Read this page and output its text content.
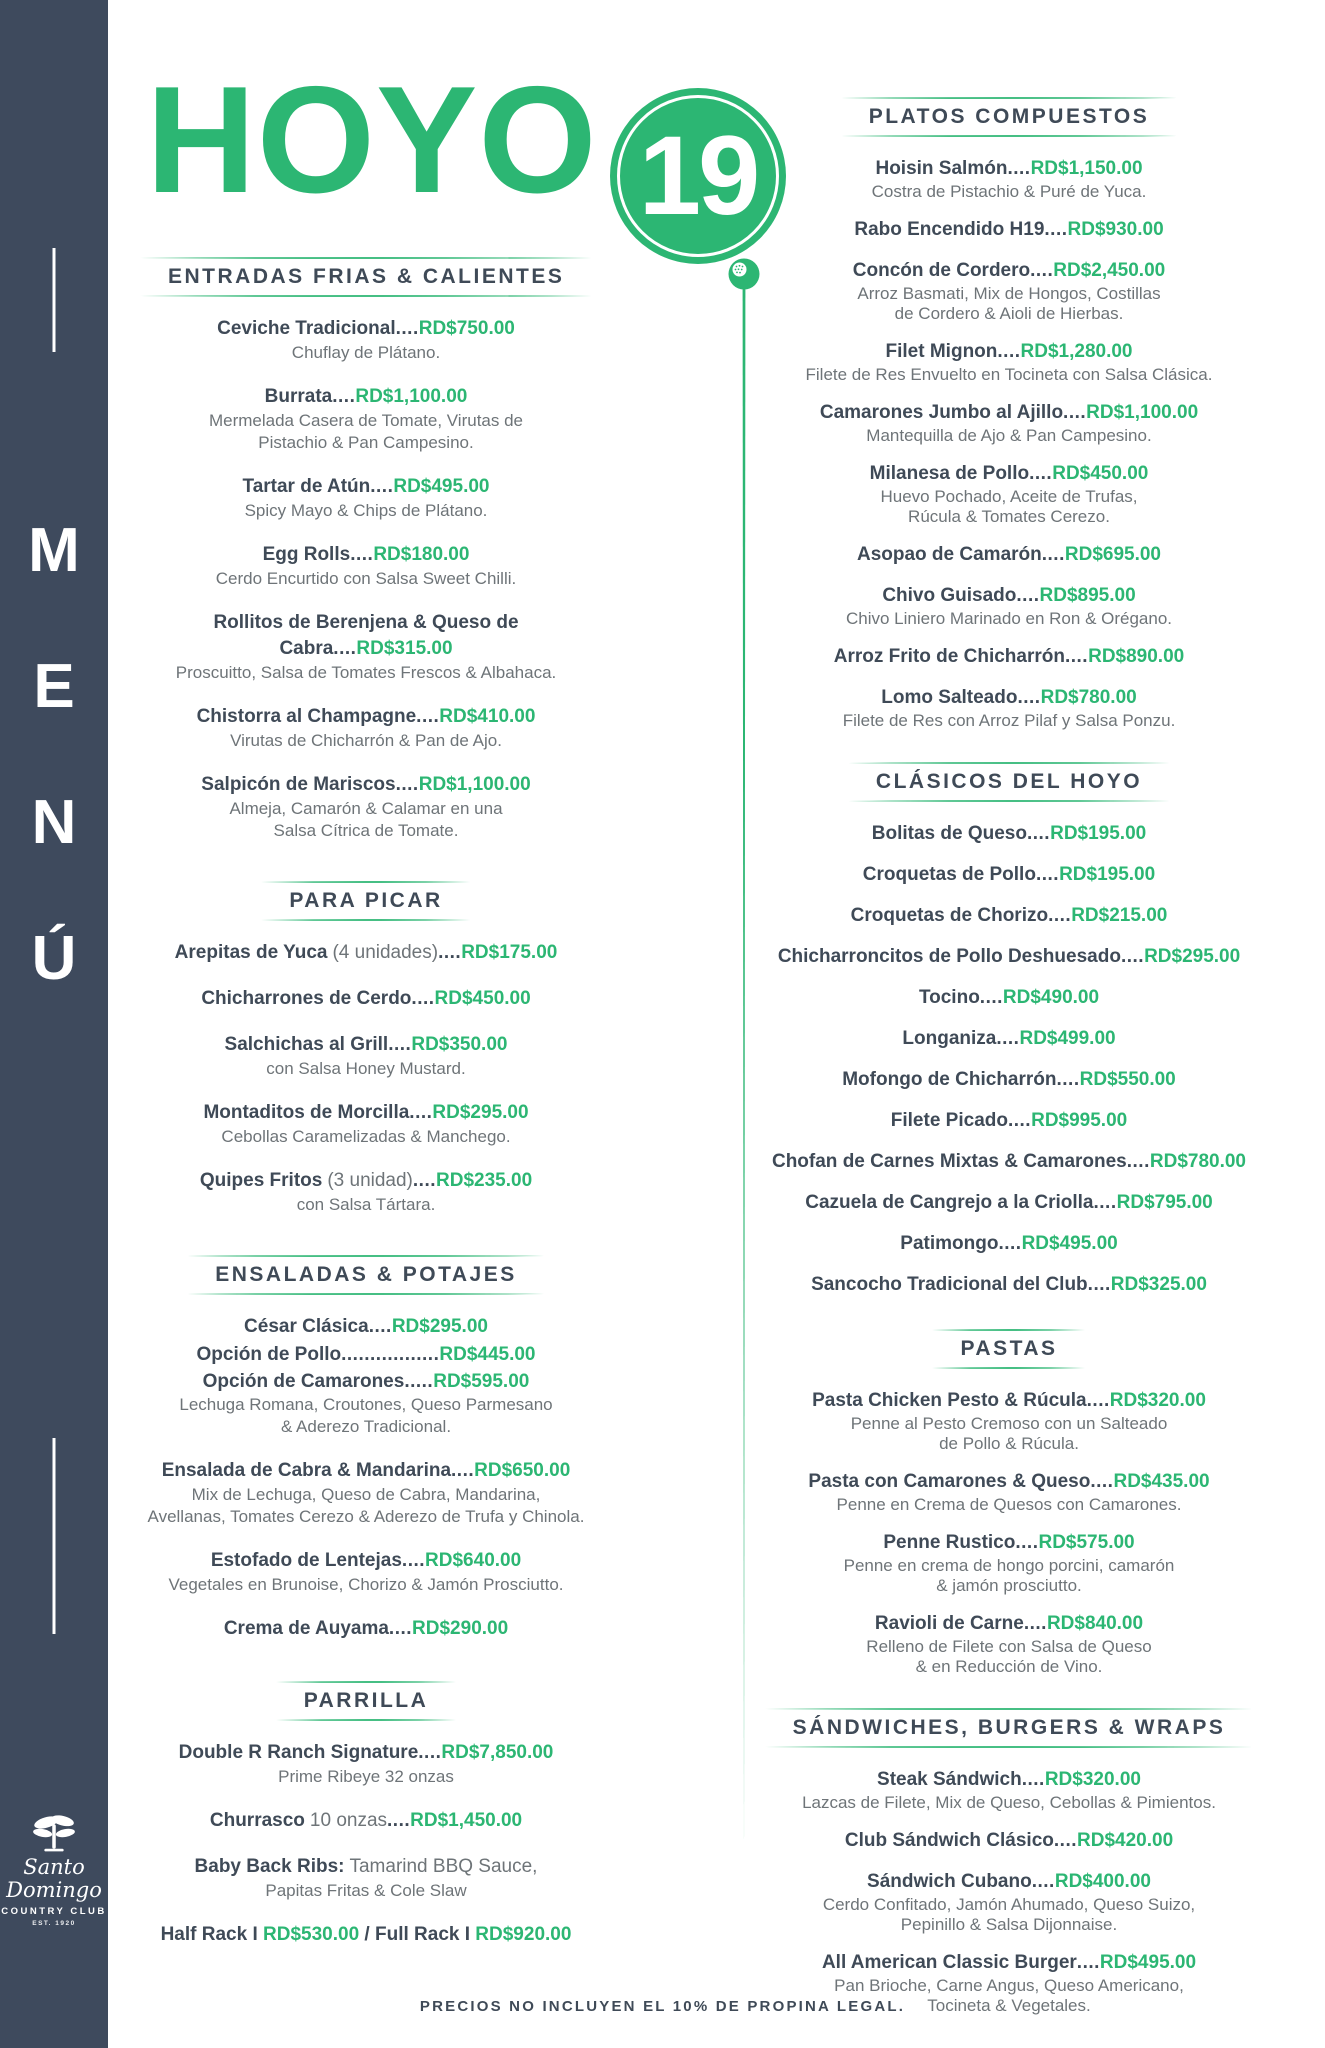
M
E
N
Ú
Santo Domingo
COUNTRY CLUB
EST. 1920
HOYO 19
ENTRADAS FRIAS & CALIENTES
Ceviche Tradicional....RD$750.00
Chuflay de Plátano.
Burrata....RD$1,100.00
Mermelada Casera de Tomate, Virutas de
Pistachio & Pan Campesino.
Tartar de Atún....RD$495.00
Spicy Mayo & Chips de Plátano.
Egg Rolls....RD$180.00
Cerdo Encurtido con Salsa Sweet Chilli.
Rollitos de Berenjena & Queso de Cabra....RD$315.00
Proscuitto, Salsa de Tomates Frescos & Albahaca.
Chistorra al Champagne....RD$410.00
Virutas de Chicharrón & Pan de Ajo.
Salpicón de Mariscos....RD$1,100.00
Almeja, Camarón & Calamar en una
Salsa Cítrica de Tomate.
PARA PICAR
Arepitas de Yuca (4 unidades)....RD$175.00
Chicharrones de Cerdo....RD$450.00
Salchichas al Grill....RD$350.00
con Salsa Honey Mustard.
Montaditos de Morcilla....RD$295.00
Cebollas Caramelizadas & Manchego.
Quipes Fritos (3 unidad)....RD$235.00
con Salsa Tártara.
ENSALADAS & POTAJES
César Clásica....RD$295.00
Opción de Pollo.................RD$445.00
Opción de Camarones.....RD$595.00
Lechuga Romana, Croutones, Queso Parmesano
& Aderezo Tradicional.
Ensalada de Cabra & Mandarina....RD$650.00
Mix de Lechuga, Queso de Cabra, Mandarina,
Avellanas, Tomates Cerezo & Aderezo de Trufa y Chinola.
Estofado de Lentejas....RD$640.00
Vegetales en Brunoise, Chorizo & Jamón Prosciutto.
Crema de Auyama....RD$290.00
PARRILLA
Double R Ranch Signature....RD$7,850.00
Prime Ribeye 32 onzas
Churrasco 10 onzas....RD$1,450.00
Baby Back Ribs: Tamarind BBQ Sauce,
Papitas Fritas & Cole Slaw
Half Rack I RD$530.00 / Full Rack I RD$920.00
PLATOS COMPUESTOS
Hoisin Salmón....RD$1,150.00
Costra de Pistachio & Puré de Yuca.
Rabo Encendido H19....RD$930.00
Concón de Cordero....RD$2,450.00
Arroz Basmati, Mix de Hongos, Costillas
de Cordero & Aioli de Hierbas.
Filet Mignon....RD$1,280.00
Filete de Res Envuelto en Tocineta con Salsa Clásica.
Camarones Jumbo al Ajillo....RD$1,100.00
Mantequilla de Ajo & Pan Campesino.
Milanesa de Pollo....RD$450.00
Huevo Pochado, Aceite de Trufas,
Rúcula & Tomates Cerezo.
Asopao de Camarón....RD$695.00
Chivo Guisado....RD$895.00
Chivo Liniero Marinado en Ron & Orégano.
Arroz Frito de Chicharrón....RD$890.00
Lomo Salteado....RD$780.00
Filete de Res con Arroz Pilaf y Salsa Ponzu.
CLÁSICOS DEL HOYO
Bolitas de Queso....RD$195.00
Croquetas de Pollo....RD$195.00
Croquetas de Chorizo....RD$215.00
Chicharroncitos de Pollo Deshuesado....RD$295.00
Tocino....RD$490.00
Longaniza....RD$499.00
Mofongo de Chicharrón....RD$550.00
Filete Picado....RD$995.00
Chofan de Carnes Mixtas & Camarones....RD$780.00
Cazuela de Cangrejo a la Criolla....RD$795.00
Patimongo....RD$495.00
Sancocho Tradicional del Club....RD$325.00
PASTAS
Pasta Chicken Pesto & Rúcula....RD$320.00
Penne al Pesto Cremoso con un Salteado
de Pollo & Rúcula.
Pasta con Camarones & Queso....RD$435.00
Penne en Crema de Quesos con Camarones.
Penne Rustico....RD$575.00
Penne en crema de hongo porcini, camarón
& jamón prosciutto.
Ravioli de Carne....RD$840.00
Relleno de Filete con Salsa de Queso
& en Reducción de Vino.
SÁNDWICHES, BURGERS & WRAPS
Steak Sándwich....RD$320.00
Lazcas de Filete, Mix de Queso, Cebollas & Pimientos.
Club Sándwich Clásico....RD$420.00
Sándwich Cubano....RD$400.00
Cerdo Confitado, Jamón Ahumado, Queso Suizo,
Pepinillo & Salsa Dijonnaise.
All American Classic Burger....RD$495.00
Pan Brioche, Carne Angus, Queso Americano,
Tocineta & Vegetales.
PRECIOS NO INCLUYEN EL 10% DE PROPINA LEGAL.
